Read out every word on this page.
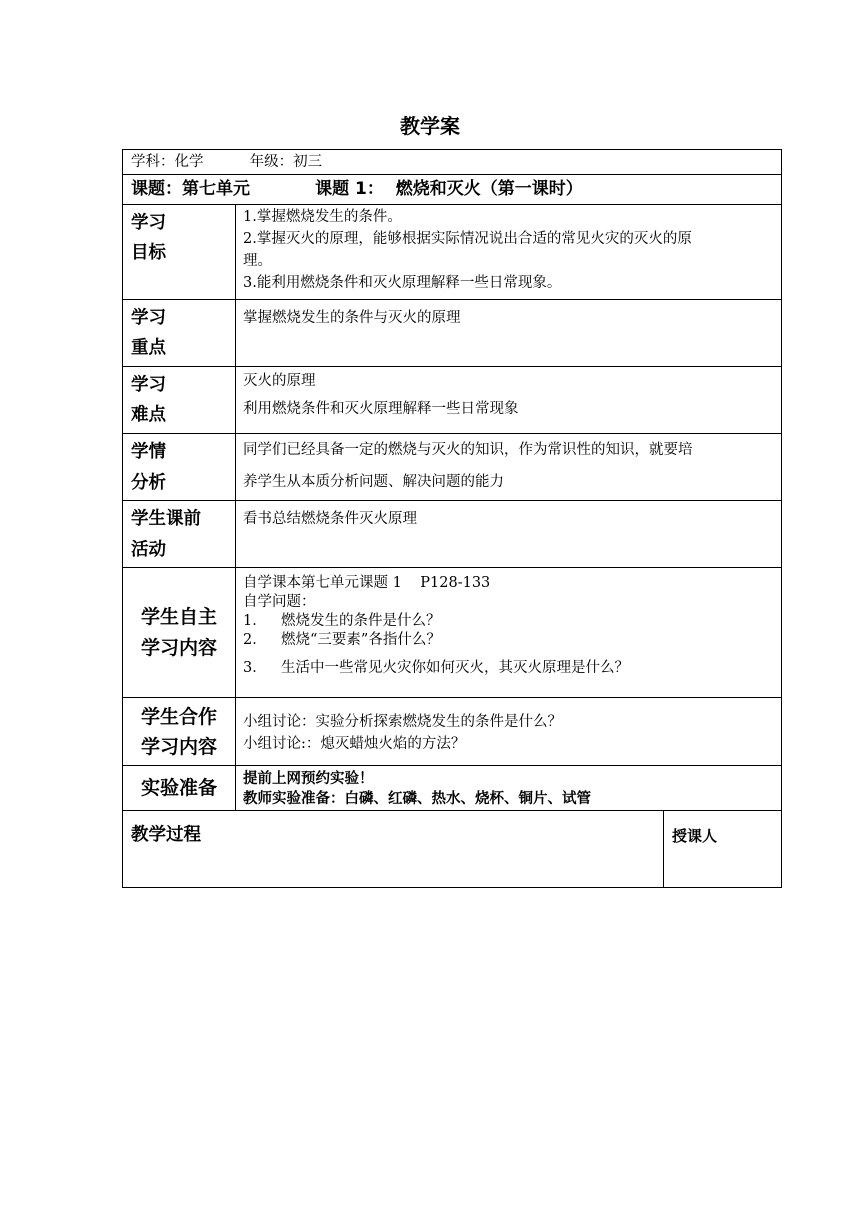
教学案
学科：化学 年级：初三		
课题：第七单元 课题 1： 燃烧和灭火（第一课时）		

学习
目标	1.掌握燃烧发生的条件。
2.掌握灭火的原理，能够根据实际情况说出合适的常见火灾的灭火的原
理。
3.能利用燃烧条件和灭火原理解释一些日常现象。	

学习
重点	掌握燃烧发生的条件与灭火的原理	

学习
难点	灭火的原理
利用燃烧条件和灭火原理解释一些日常现象	

学情
分析	同学们已经具备一定的燃烧与灭火的知识，作为常识性的知识，就要培
养学生从本质分析问题、解决问题的能力	

学生课前
活动	看书总结燃烧条件灭火原理	

学生自主
学习内容	自学课本第七单元课题 1    P128-133
自学问题：
1． 燃烧发生的条件是什么？
2． 燃烧“三要素”各指什么？
3． 生活中一些常见火灾你如何灭火，其灭火原理是什么？	

学生合作
学习内容	小组讨论：实验分析探索燃烧发生的条件是什么？
小组讨论:：熄灭蜡烛火焰的方法？	

实验准备	提前上网预约实验！
教师实验准备：白磷、红磷、热水、烧杯、铜片、试管	

教学过程		授课人
